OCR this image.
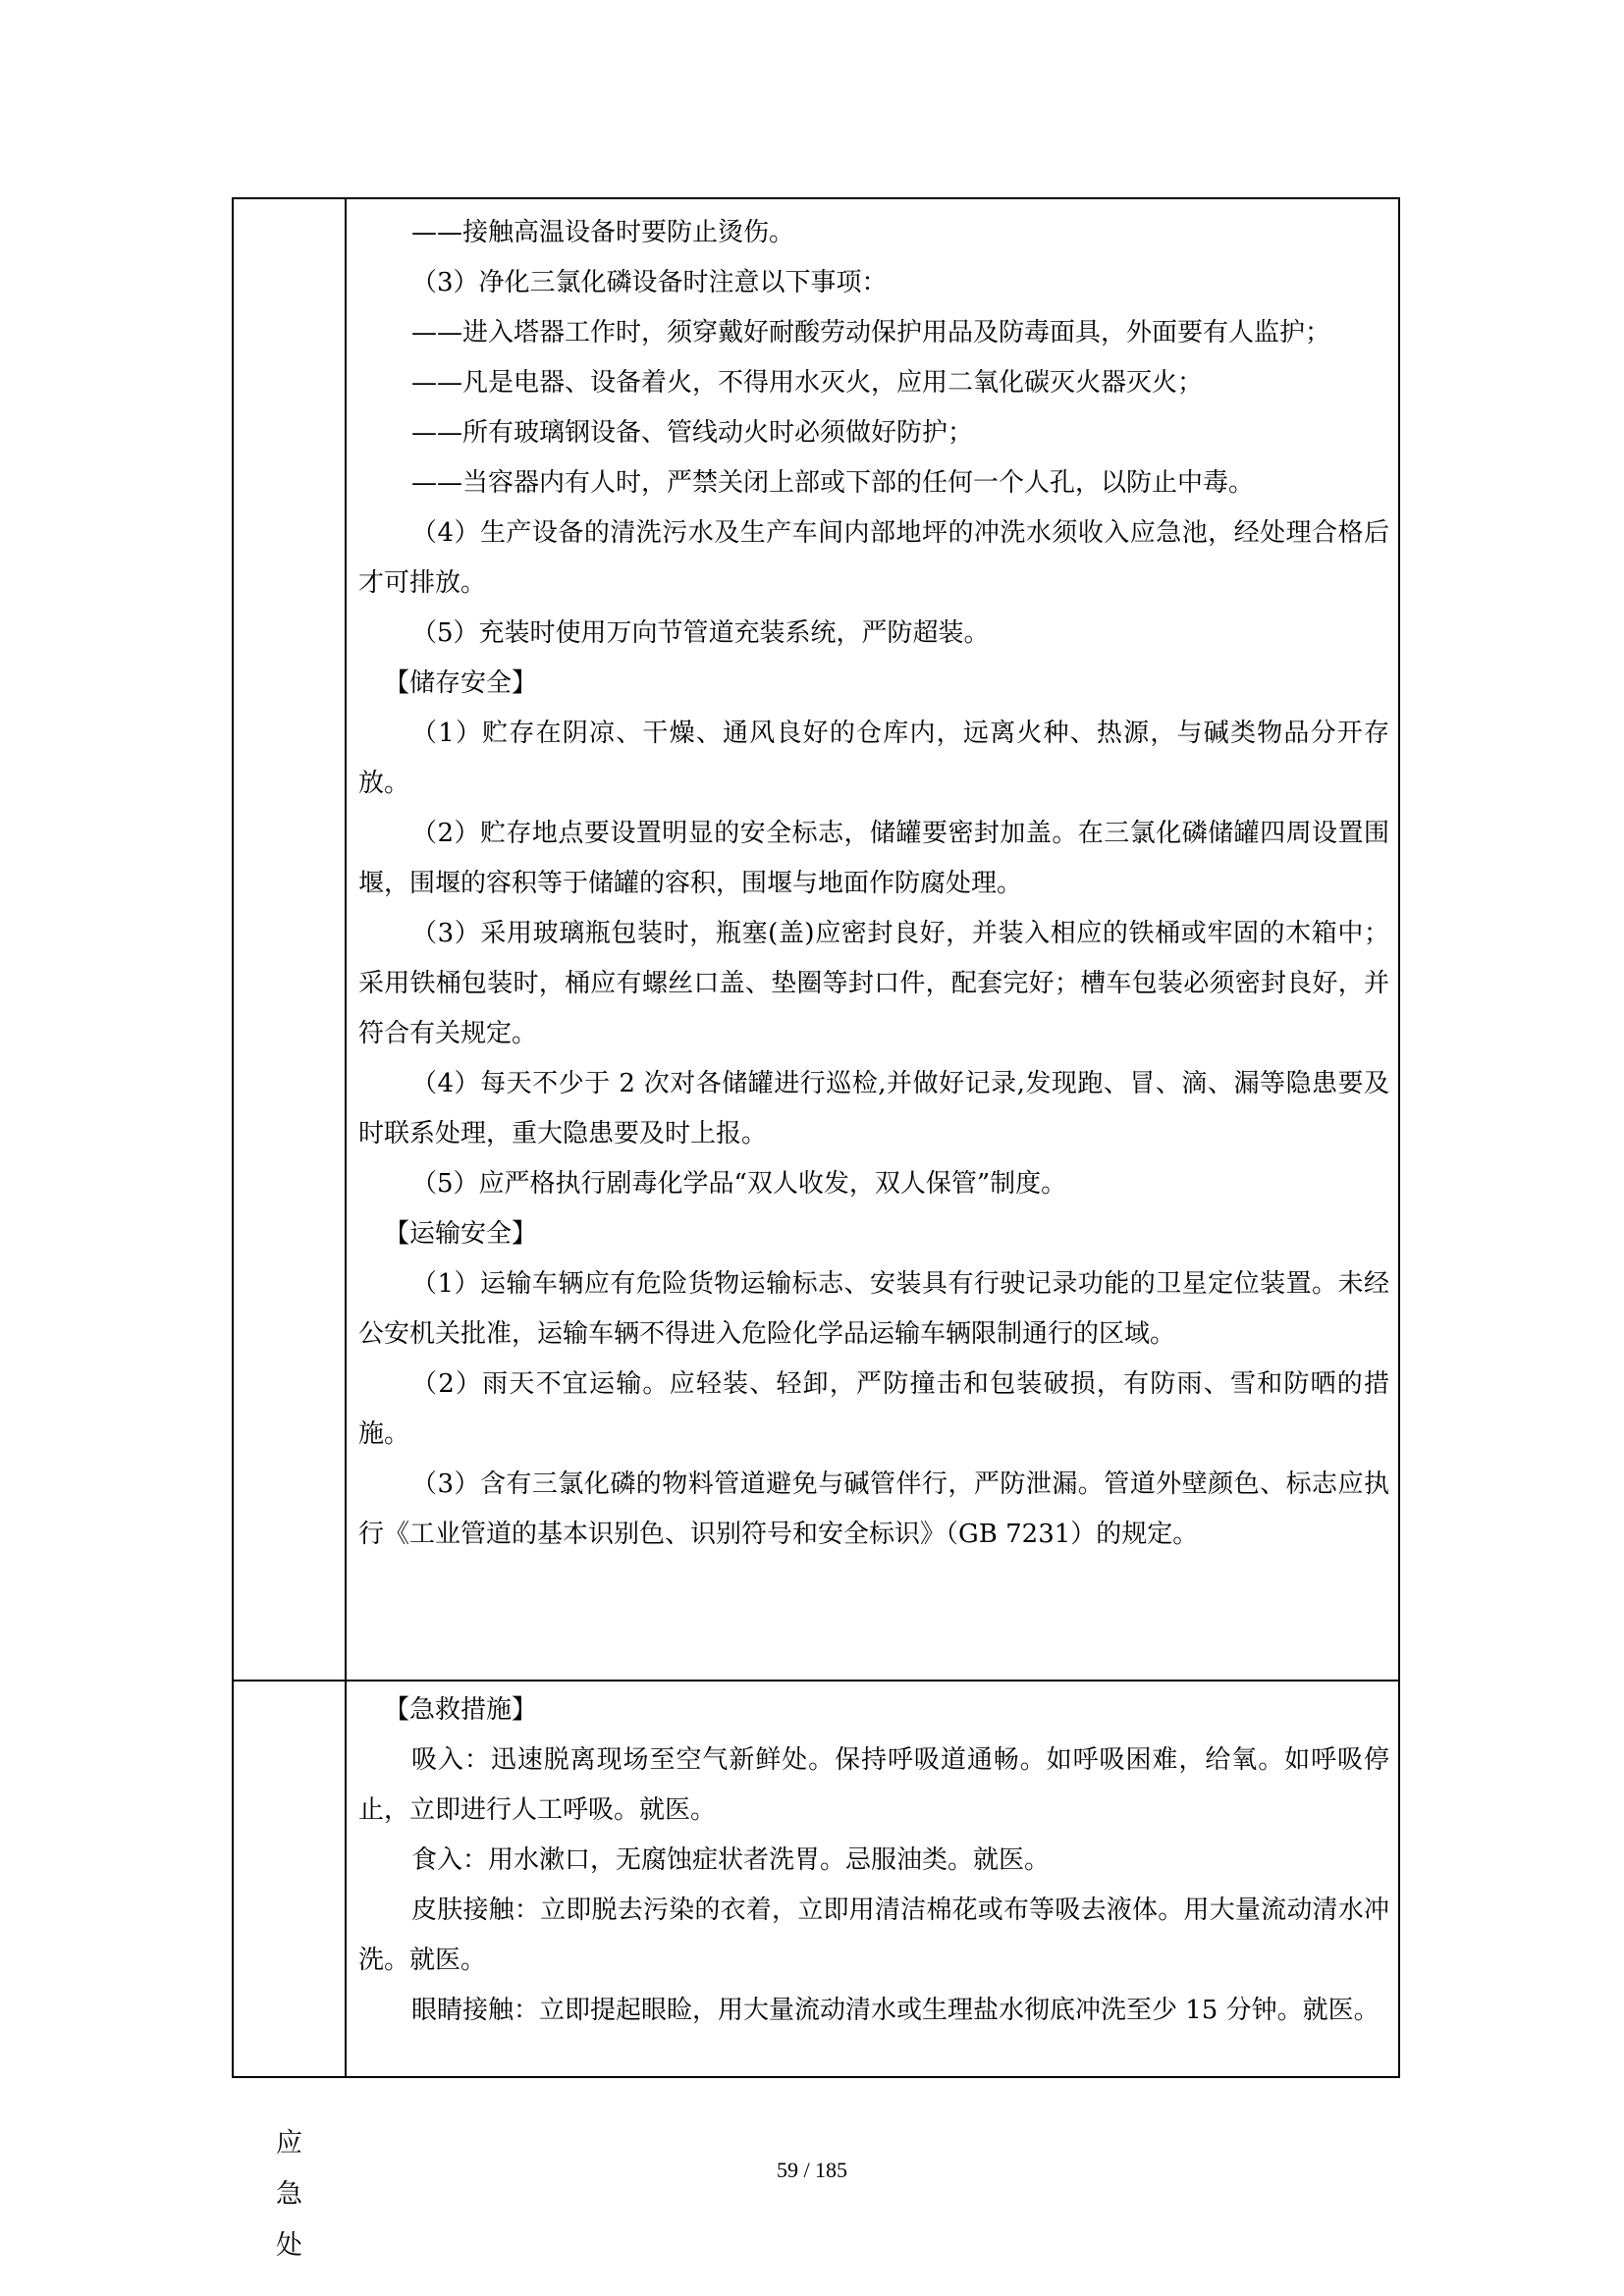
——接触高温设备时要防止烫伤。

（3）净化三氯化磷设备时注意以下事项：

——进入塔器工作时，须穿戴好耐酸劳动保护用品及防毒面具，外面要有人监护；

——凡是电器、设备着火，不得用水灭火，应用二氧化碳灭火器灭火；

——所有玻璃钢设备、管线动火时必须做好防护；

——当容器内有人时，严禁关闭上部或下部的任何一个人孔，以防止中毒。

（4）生产设备的清洗污水及生产车间内部地坪的冲洗水须收入应急池，经处理合格后才可排放。

（5）充装时使用万向节管道充装系统，严防超装。

【储存安全】

（1）贮存在阴凉、干燥、通风良好的仓库内，远离火种、热源，与碱类物品分开存放。

（2）贮存地点要设置明显的安全标志，储罐要密封加盖。在三氯化磷储罐四周设置围堰，围堰的容积等于储罐的容积，围堰与地面作防腐处理。

（3）采用玻璃瓶包装时，瓶塞(盖)应密封良好，并装入相应的铁桶或牢固的木箱中；采用铁桶包装时，桶应有螺丝口盖、垫圈等封口件，配套完好；槽车包装必须密封良好，并符合有关规定。

（4）每天不少于 2 次对各储罐进行巡检,并做好记录,发现跑、冒、滴、漏等隐患要及时联系处理，重大隐患要及时上报。

（5）应严格执行剧毒化学品“双人收发，双人保管”制度。

【运输安全】

（1）运输车辆应有危险货物运输标志、安装具有行驶记录功能的卫星定位装置。未经公安机关批准，运输车辆不得进入危险化学品运输车辆限制通行的区域。

（2）雨天不宜运输。应轻装、轻卸，严防撞击和包装破损，有防雨、雪和防晒的措施。

（3）含有三氯化磷的物料管道避免与碱管伴行，严防泄漏。管道外壁颜色、标志应执行《工业管道的基本识别色、识别符号和安全标识》（GB 7231）的规定。

应
急
处

【急救措施】

吸入：迅速脱离现场至空气新鲜处。保持呼吸道通畅。如呼吸困难，给氧。如呼吸停止，立即进行人工呼吸。就医。

食入：用水漱口，无腐蚀症状者洗胃。忌服油类。就医。

皮肤接触：立即脱去污染的衣着，立即用清洁棉花或布等吸去液体。用大量流动清水冲洗。就医。

眼睛接触：立即提起眼睑，用大量流动清水或生理盐水彻底冲洗至少 15 分钟。就医。

59 / 185
